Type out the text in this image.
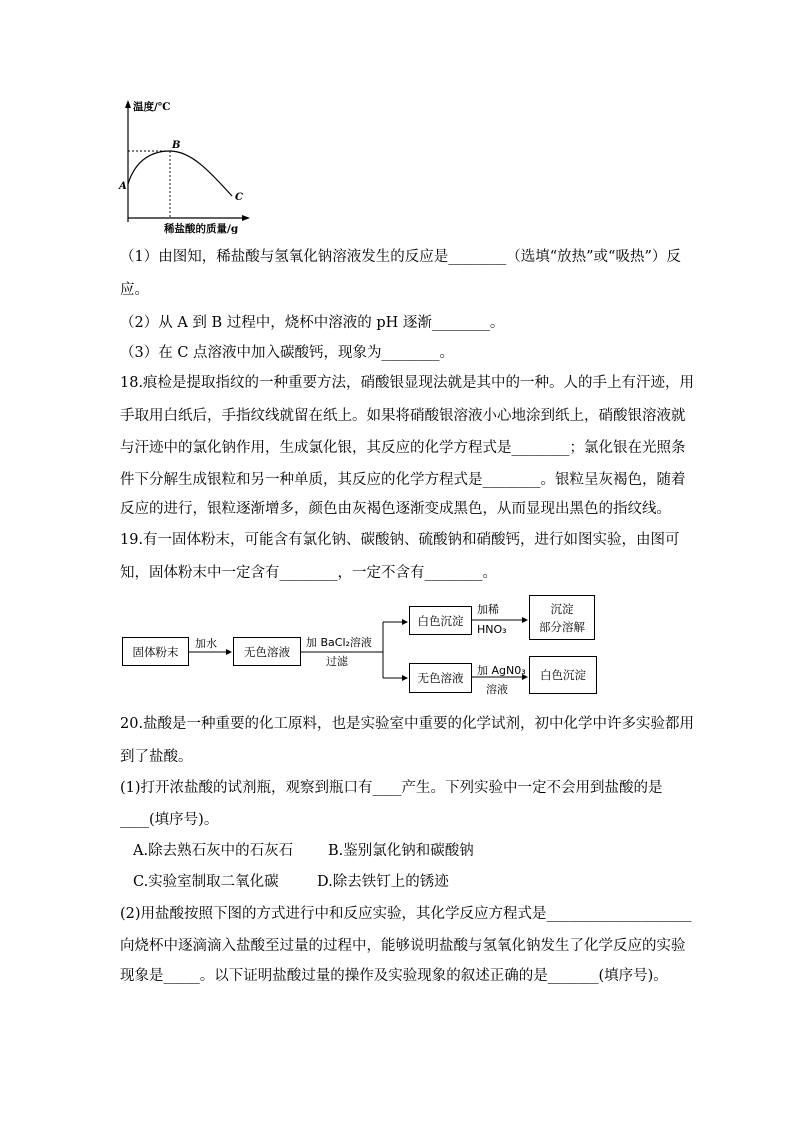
温度/℃
A
B
C
稀盐酸的质量/g
（1）由图知，稀盐酸与氢氧化钠溶液发生的反应是________（选填“放热”或“吸热”）反
应。
（2）从 A 到 B 过程中，烧杯中溶液的 pH 逐渐________。
（3）在 C 点溶液中加入碳酸钙，现象为________。
18.痕检是提取指纹的一种重要方法，硝酸银显现法就是其中的一种。人的手上有汗迹，用
手取用白纸后，手指纹线就留在纸上。如果将硝酸银溶液小心地涂到纸上，硝酸银溶液就
与汗迹中的氯化钠作用，生成氯化银，其反应的化学方程式是________；氯化银在光照条
件下分解生成银粒和另一种单质，其反应的化学方程式是________。银粒呈灰褐色，随着
反应的进行，银粒逐渐增多，颜色由灰褐色逐渐变成黑色，从而显现出黑色的指纹线。
19.有一固体粉末，可能含有氯化钠、碳酸钠、硫酸钠和硝酸钙，进行如图实验，由图可
知，固体粉末中一定含有________，一定不含有________。
固体粉末	无色溶液
白色沉淀
沉淀
部分溶解
无色溶液	白色沉淀
加水	加 BaCl₂溶液
过滤
加稀
HNO₃
加 AgN0₃
溶液
20.盐酸是一种重要的化工原料，也是实验室中重要的化学试剂，初中化学中许多实验都用
到了盐酸。
(1)打开浓盐酸的试剂瓶，观察到瓶口有____产生。下列实验中一定不会用到盐酸的是
____(填序号)。
A.除去熟石灰中的石灰石 B.鉴别氯化钠和碳酸钠
C.实验室制取二氧化碳	D.除去铁钉上的锈迹
(2)用盐酸按照下图的方式进行中和反应实验，其化学反应方程式是____________________
向烧杯中逐滴滴入盐酸至过量的过程中，能够说明盐酸与氢氧化钠发生了化学反应的实验
现象是_____。以下证明盐酸过量的操作及实验现象的叙述正确的是_______(填序号)。
